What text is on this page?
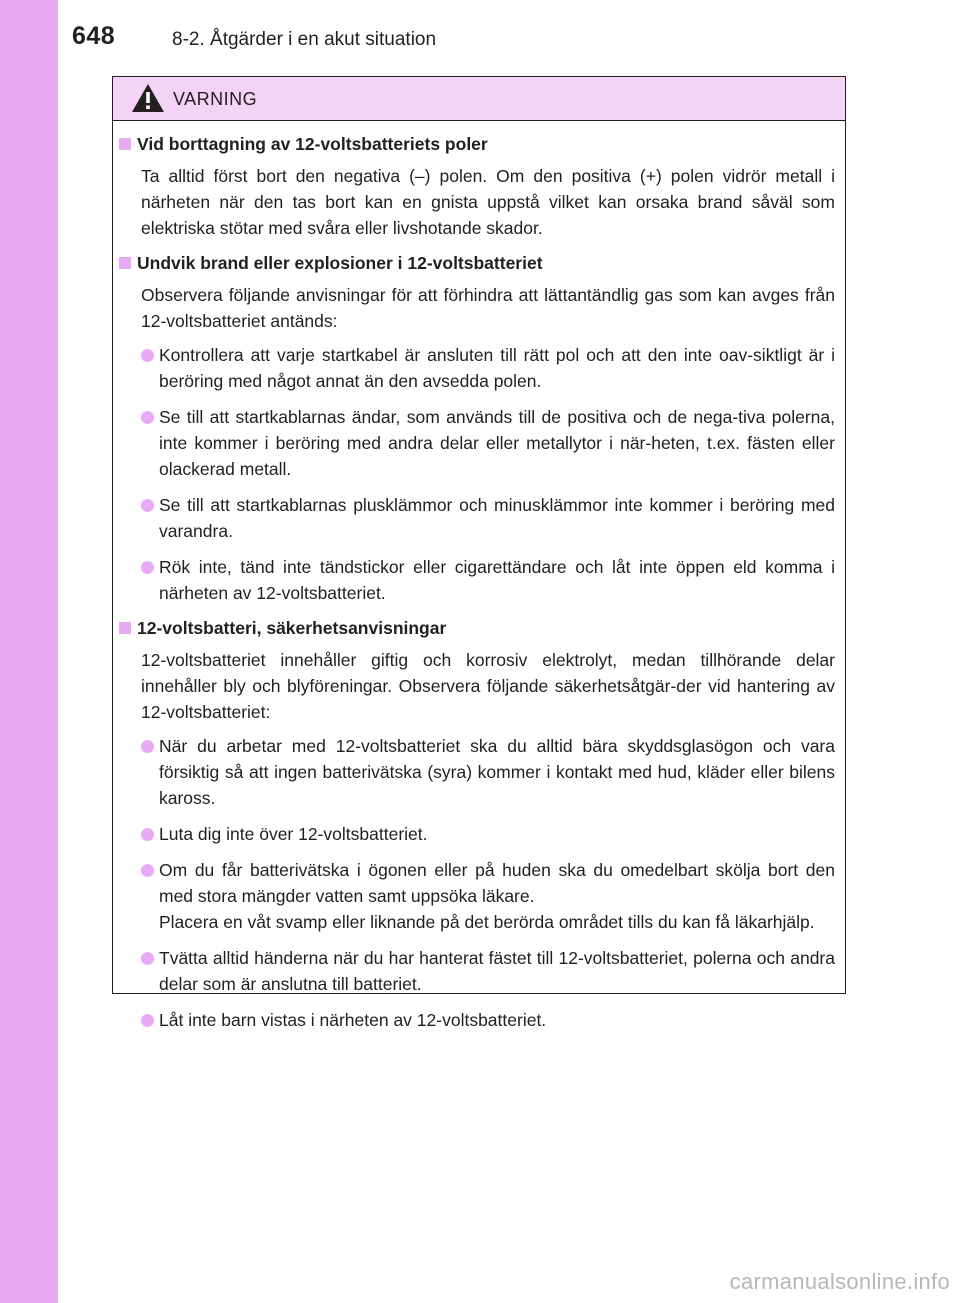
648	8-2. Åtgärder i en akut situation
VARNING
Vid borttagning av 12-voltsbatteriets poler
Ta alltid först bort den negativa (–) polen. Om den positiva (+) polen vidrör metall i närheten när den tas bort kan en gnista uppstå vilket kan orsaka brand såväl som elektriska stötar med svåra eller livshotande skador.
Undvik brand eller explosioner i 12-voltsbatteriet
Observera följande anvisningar för att förhindra att lättantändlig gas som kan avges från 12-voltsbatteriet antänds:

Kontrollera att varje startkabel är ansluten till rätt pol och att den inte oav-siktligt är i beröring med något annat än den avsedda polen.

Se till att startkablarnas ändar, som används till de positiva och de nega-tiva polerna, inte kommer i beröring med andra delar eller metallytor i när-heten, t.ex. fästen eller olackerad metall.

Se till att startkablarnas plusklämmor och minusklämmor inte kommer i beröring med varandra.

Rök inte, tänd inte tändstickor eller cigarettändare och låt inte öppen eld komma i närheten av 12-voltsbatteriet.

12-voltsbatteri, säkerhetsanvisningar
12-voltsbatteriet innehåller giftig och korrosiv elektrolyt, medan tillhörande delar innehåller bly och blyföreningar. Observera följande säkerhetsåtgär-der vid hantering av 12-voltsbatteriet:

När du arbetar med 12-voltsbatteriet ska du alltid bära skyddsglasögon och vara försiktig så att ingen batterivätska (syra) kommer i kontakt med hud, kläder eller bilens kaross.

Luta dig inte över 12-voltsbatteriet.

Om du får batterivätska i ögonen eller på huden ska du omedelbart skölja bort den med stora mängder vatten samt uppsöka läkare.

Placera en våt svamp eller liknande på det berörda området tills du kan få läkarhjälp.

Tvätta alltid händerna när du har hanterat fästet till 12-voltsbatteriet, polerna och andra delar som är anslutna till batteriet.

Låt inte barn vistas i närheten av 12-voltsbatteriet.

carmanualsonline.info
